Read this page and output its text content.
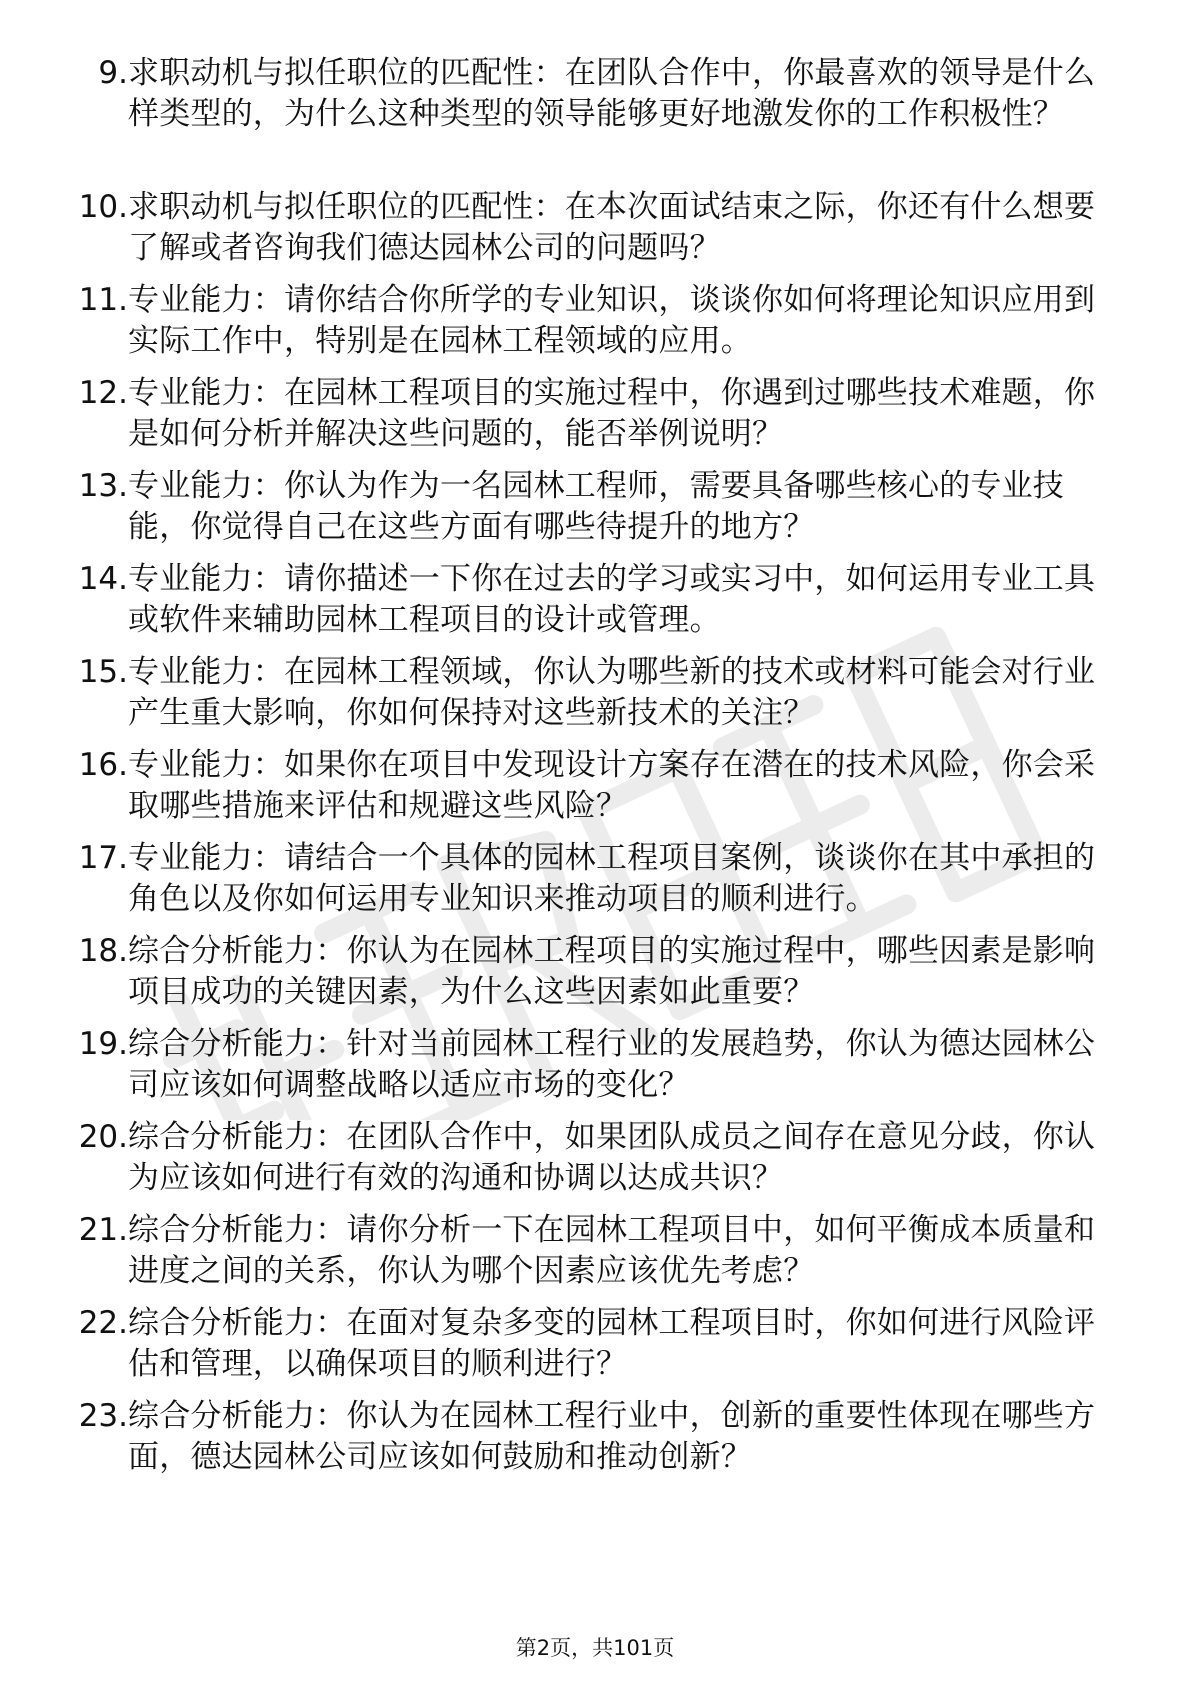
9. 求职动机与拟任职位的匹配性：在团队合作中，你最喜欢的领导是什么样类型的，为什么这种类型的领导能够更好地激发你的工作积极性？
10. 求职动机与拟任职位的匹配性：在本次面试结束之际，你还有什么想要了解或者咨询我们德达园林公司的问题吗？
11. 专业能力：请你结合你所学的专业知识，谈谈你如何将理论知识应用到实际工作中，特别是在园林工程领域的应用。
12. 专业能力：在园林工程项目的实施过程中，你遇到过哪些技术难题，你是如何分析并解决这些问题的，能否举例说明？
13. 专业能力：你认为作为一名园林工程师，需要具备哪些核心的专业技能，你觉得自己在这些方面有哪些待提升的地方？
14. 专业能力：请你描述一下你在过去的学习或实习中，如何运用专业工具或软件来辅助园林工程项目的设计或管理。
15. 专业能力：在园林工程领域，你认为哪些新的技术或材料可能会对行业产生重大影响，你如何保持对这些新技术的关注？
16. 专业能力：如果你在项目中发现设计方案存在潜在的技术风险，你会采取哪些措施来评估和规避这些风险？
17. 专业能力：请结合一个具体的园林工程项目案例，谈谈你在其中承担的角色以及你如何运用专业知识来推动项目的顺利进行。
18. 综合分析能力：你认为在园林工程项目的实施过程中，哪些因素是影响项目成功的关键因素，为什么这些因素如此重要？
19. 综合分析能力：针对当前园林工程行业的发展趋势，你认为德达园林公司应该如何调整战略以适应市场的变化？
20. 综合分析能力：在团队合作中，如果团队成员之间存在意见分歧，你认为应该如何进行有效的沟通和协调以达成共识？
21. 综合分析能力：请你分析一下在园林工程项目中，如何平衡成本质量和进度之间的关系，你认为哪个因素应该优先考虑？
22. 综合分析能力：在面对复杂多变的园林工程项目时，你如何进行风险评估和管理，以确保项目的顺利进行？
23. 综合分析能力：你认为在园林工程行业中，创新的重要性体现在哪些方面，德达园林公司应该如何鼓励和推动创新？
第2页，共101页
